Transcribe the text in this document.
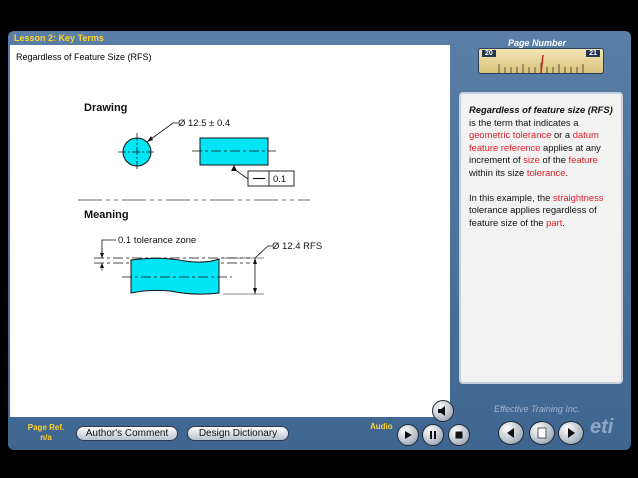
Lesson 2: Key Terms	Page Number
20	21
Regardless of Feature Size (RFS)
Drawing
Ø 12.5 ± 0.4
0.1
Meaning
0.1 tolerance zone
Ø 12.4 RFS

Regardless of feature size (RFS) is the term that indicates a geometric tolerance or a datum feature reference applies at any increment of size of the feature within its size tolerance.

In this example, the straightness tolerance applies regardless of feature size of the part.

Effective Training Inc.
eti
Page Ref.
n/a	Author's Comment	Design Dictionary
Audio
